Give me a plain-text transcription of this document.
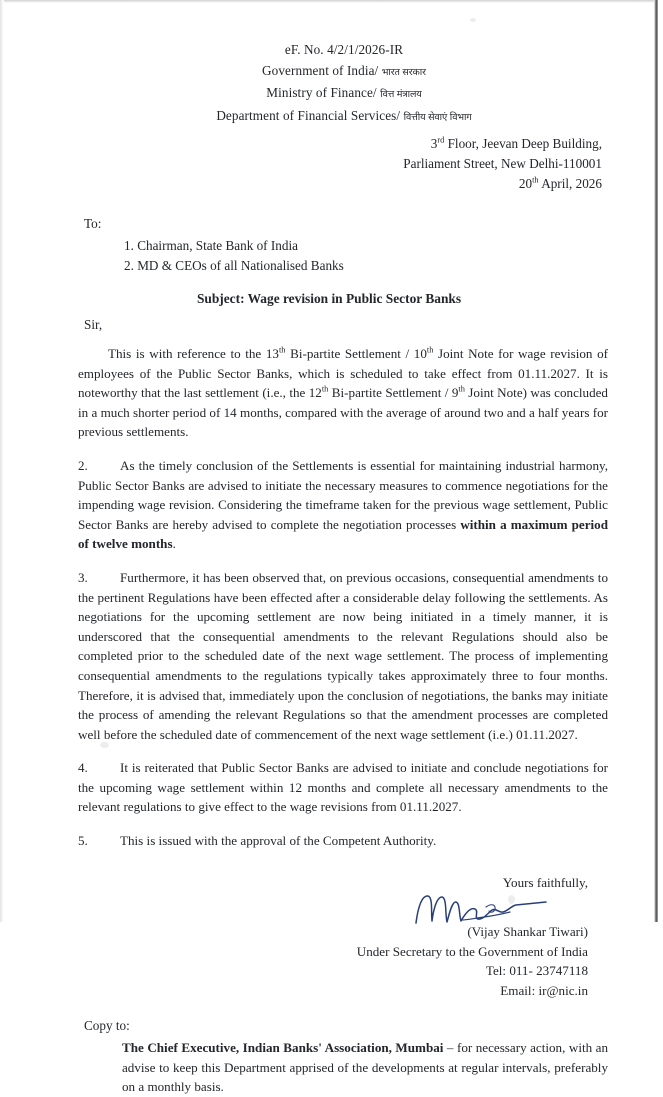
eF. No. 4/2/1/2026-IR
Government of India/ भारत सरकार
Ministry of Finance/ वित्त मंत्रालय
Department of Financial Services/ वित्तीय सेवाएं विभाग
3rd Floor, Jeevan Deep Building,
Parliament Street, New Delhi-110001
20th April, 2026
To:
1. Chairman, State Bank of India
2. MD & CEOs of all Nationalised Banks
Subject: Wage revision in Public Sector Banks
Sir,
This is with reference to the 13th Bi-partite Settlement / 10th Joint Note for wage revision of employees of the Public Sector Banks, which is scheduled to take effect from 01.11.2027. It is noteworthy that the last settlement (i.e., the 12th Bi-partite Settlement / 9th Joint Note) was concluded in a much shorter period of 14 months, compared with the average of around two and a half years for previous settlements.
2. As the timely conclusion of the Settlements is essential for maintaining industrial harmony, Public Sector Banks are advised to initiate the necessary measures to commence negotiations for the impending wage revision. Considering the timeframe taken for the previous wage settlement, Public Sector Banks are hereby advised to complete the negotiation processes within a maximum period of twelve months.
3. Furthermore, it has been observed that, on previous occasions, consequential amendments to the pertinent Regulations have been effected after a considerable delay following the settlements. As negotiations for the upcoming settlement are now being initiated in a timely manner, it is underscored that the consequential amendments to the relevant Regulations should also be completed prior to the scheduled date of the next wage settlement. The process of implementing consequential amendments to the regulations typically takes approximately three to four months. Therefore, it is advised that, immediately upon the conclusion of negotiations, the banks may initiate the process of amending the relevant Regulations so that the amendment processes are completed well before the scheduled date of commencement of the next wage settlement (i.e.) 01.11.2027.
4. It is reiterated that Public Sector Banks are advised to initiate and conclude negotiations for the upcoming wage settlement within 12 months and complete all necessary amendments to the relevant regulations to give effect to the wage revisions from 01.11.2027.
5. This is issued with the approval of the Competent Authority.
Yours faithfully,
(Vijay Shankar Tiwari)
Under Secretary to the Government of India
Tel: 011- 23747118
Email: ir@nic.in
Copy to:
The Chief Executive, Indian Banks' Association, Mumbai – for necessary action, with an advise to keep this Department apprised of the developments at regular intervals, preferably on a monthly basis.
